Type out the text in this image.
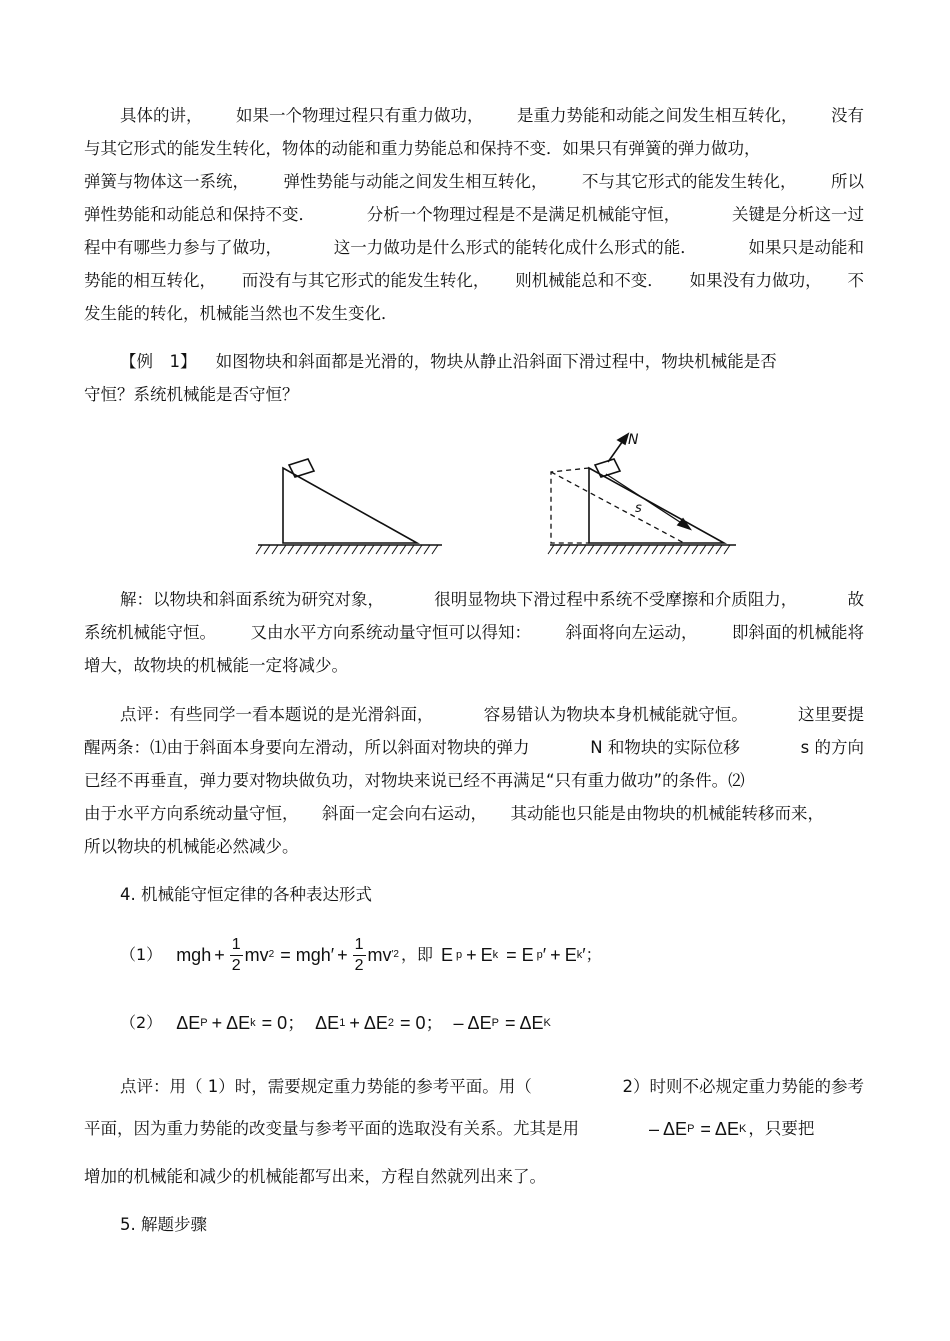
具体的讲， 如果一个物理过程只有重力做功， 是重力势能和动能之间发生相互转化， 没有
与其它形式的能发生转化，物体的动能和重力势能总和保持不变．如果只有弹簧的弹力做功，
弹簧与物体这一系统， 弹性势能与动能之间发生相互转化， 不与其它形式的能发生转化， 所以
弹性势能和动能总和保持不变．	分析一个物理过程是不是满足机械能守恒，	关键是分析这一过
程中有哪些力参与了做功，	这一力做功是什么形式的能转化成什么形式的能．	如果只是动能和
势能的相互转化， 而没有与其它形式的能发生转化， 则机械能总和不变． 如果没有力做功， 不
发生能的转化，机械能当然也不发生变化．
【例　1】 如图物块和斜面都是光滑的，物块从静止沿斜面下滑过程中，物块机械能是否
守恒？系统机械能是否守恒？
N
s
解：以物块和斜面系统为研究对象，	很明显物块下滑过程中系统不受摩擦和介质阻力，	故
系统机械能守恒。 又由水平方向系统动量守恒可以得知： 斜面将向左运动， 即斜面的机械能将
增大，故物块的机械能一定将减少。
点评：有些同学一看本题说的是光滑斜面，	容易错认为物块本身机械能就守恒。	这里要提
醒两条：⑴由于斜面本身要向左滑动，所以斜面对物块的弹力	N 和物块的实际位移	s 的方向
已经不再垂直，弹力要对物块做负功，对物块来说已经不再满足“只有重力做功”的条件。⑵
由于水平方向系统动量守恒， 斜面一定会向右运动， 其动能也只能是由物块的机械能转移而来，
所以物块的机械能必然减少。
4. 机械能守恒定律的各种表达形式
（1） mgh + $\frac{1}{2}$ mv $2 = mgh' + \frac{1}{2}$ mv ′2 ，即 E p + E k = E p ′ + E k ′ ；
（2） ΔE P + ΔE k = 0； ΔE 1 + ΔE 2 = 0； – ΔE P = ΔE K
点评：用（ 1）时，需要规定重力势能的参考平面。用（	2）时则不必规定重力势能的参考
平面，因为重力势能的改变量与参考平面的选取没有关系。尤其是用	– ΔE P = ΔE K ，只要把
增加的机械能和减少的机械能都写出来，方程自然就列出来了。
5. 解题步骤
